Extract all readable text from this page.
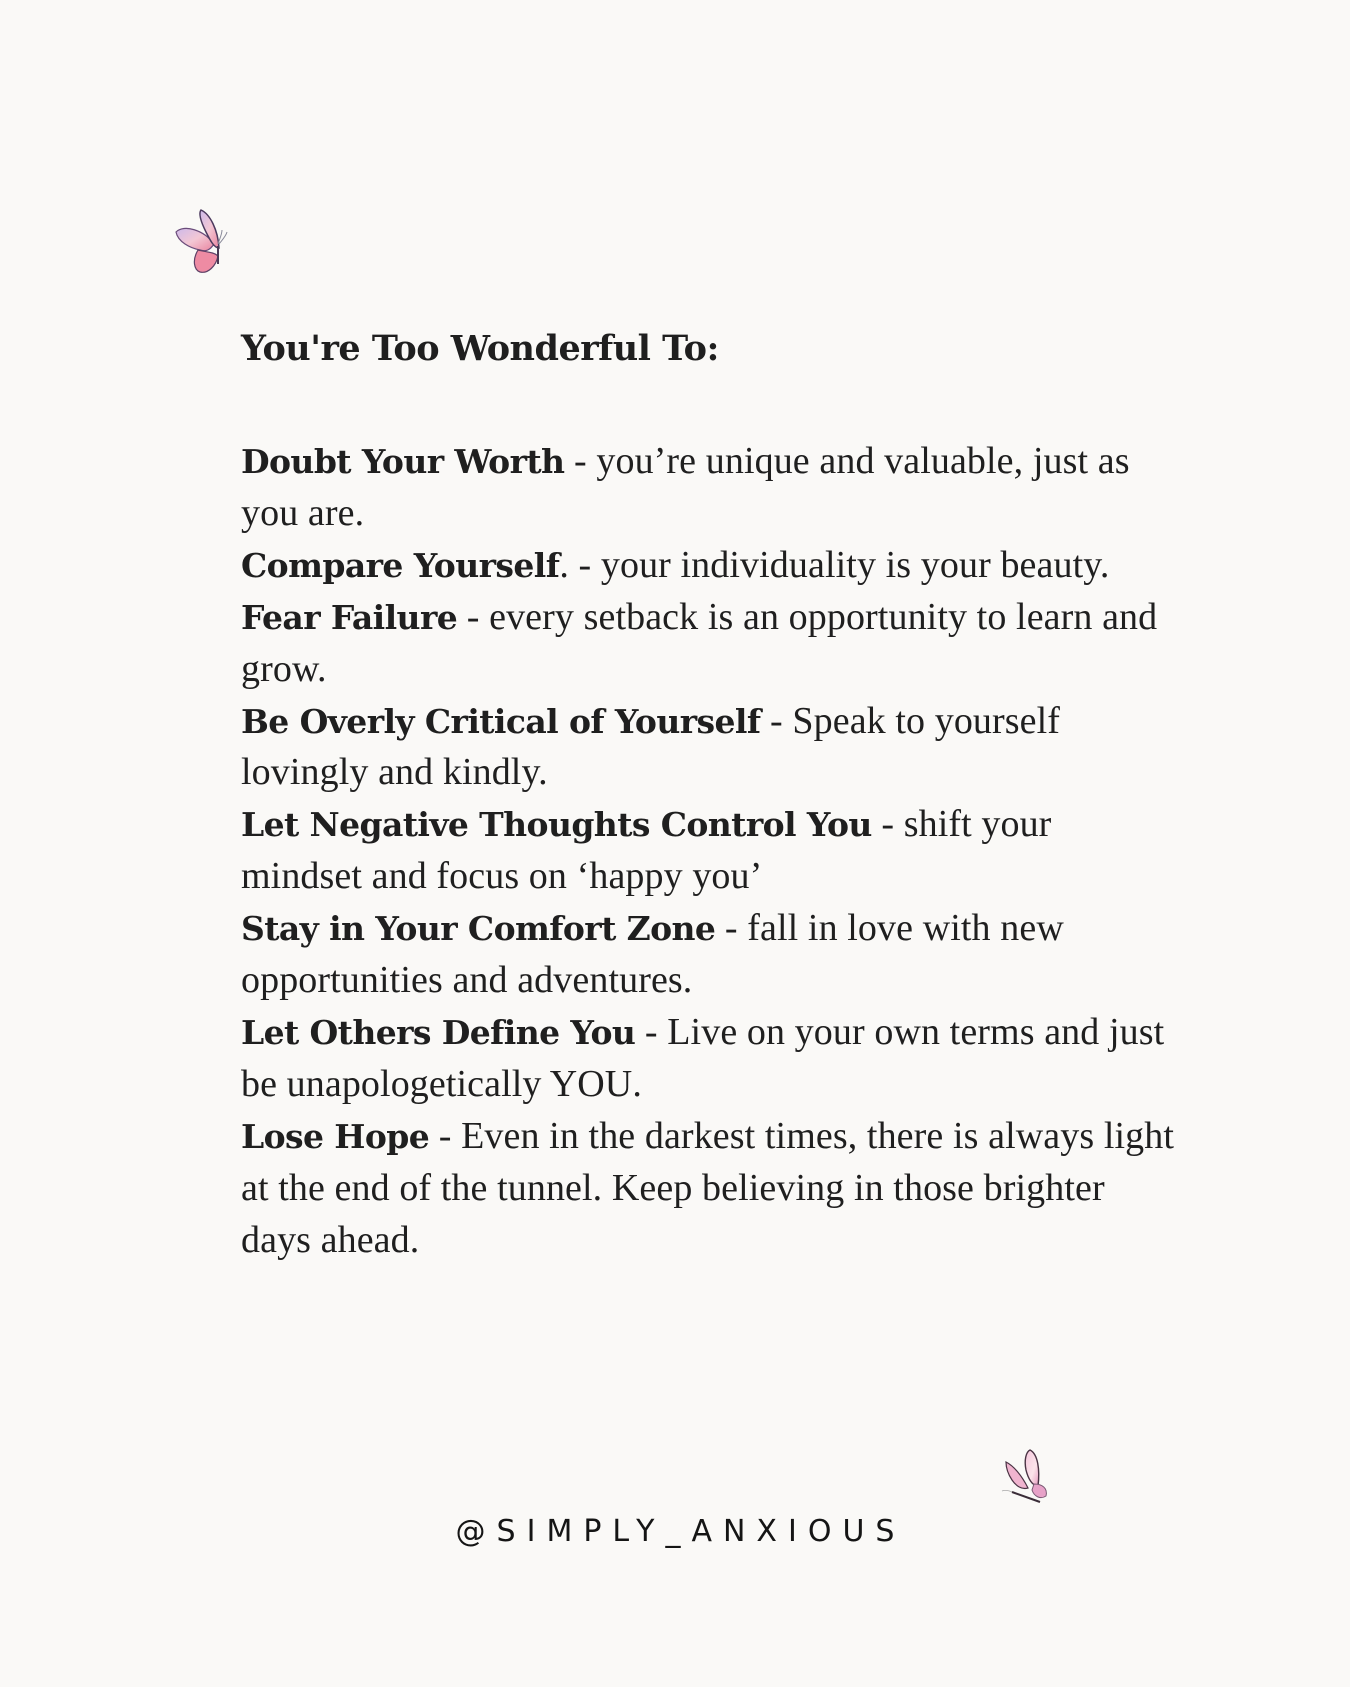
You're Too Wonderful To:
Doubt Your Worth - you’re unique and valuable, just as you are.
Compare Yourself. - your individuality is your beauty.
Fear Failure - every setback is an opportunity to learn and grow.
Be Overly Critical of Yourself - Speak to yourself lovingly and kindly.
Let Negative Thoughts Control You - shift your mindset and focus on ‘happy you’
Stay in Your Comfort Zone - fall in love with new opportunities and adventures.
Let Others Define You - Live on your own terms and just be unapologetically YOU.
Lose Hope - Even in the darkest times, there is always light at the end of the tunnel. Keep believing in those brighter days ahead.
@SIMPLY_ANXIOUS
